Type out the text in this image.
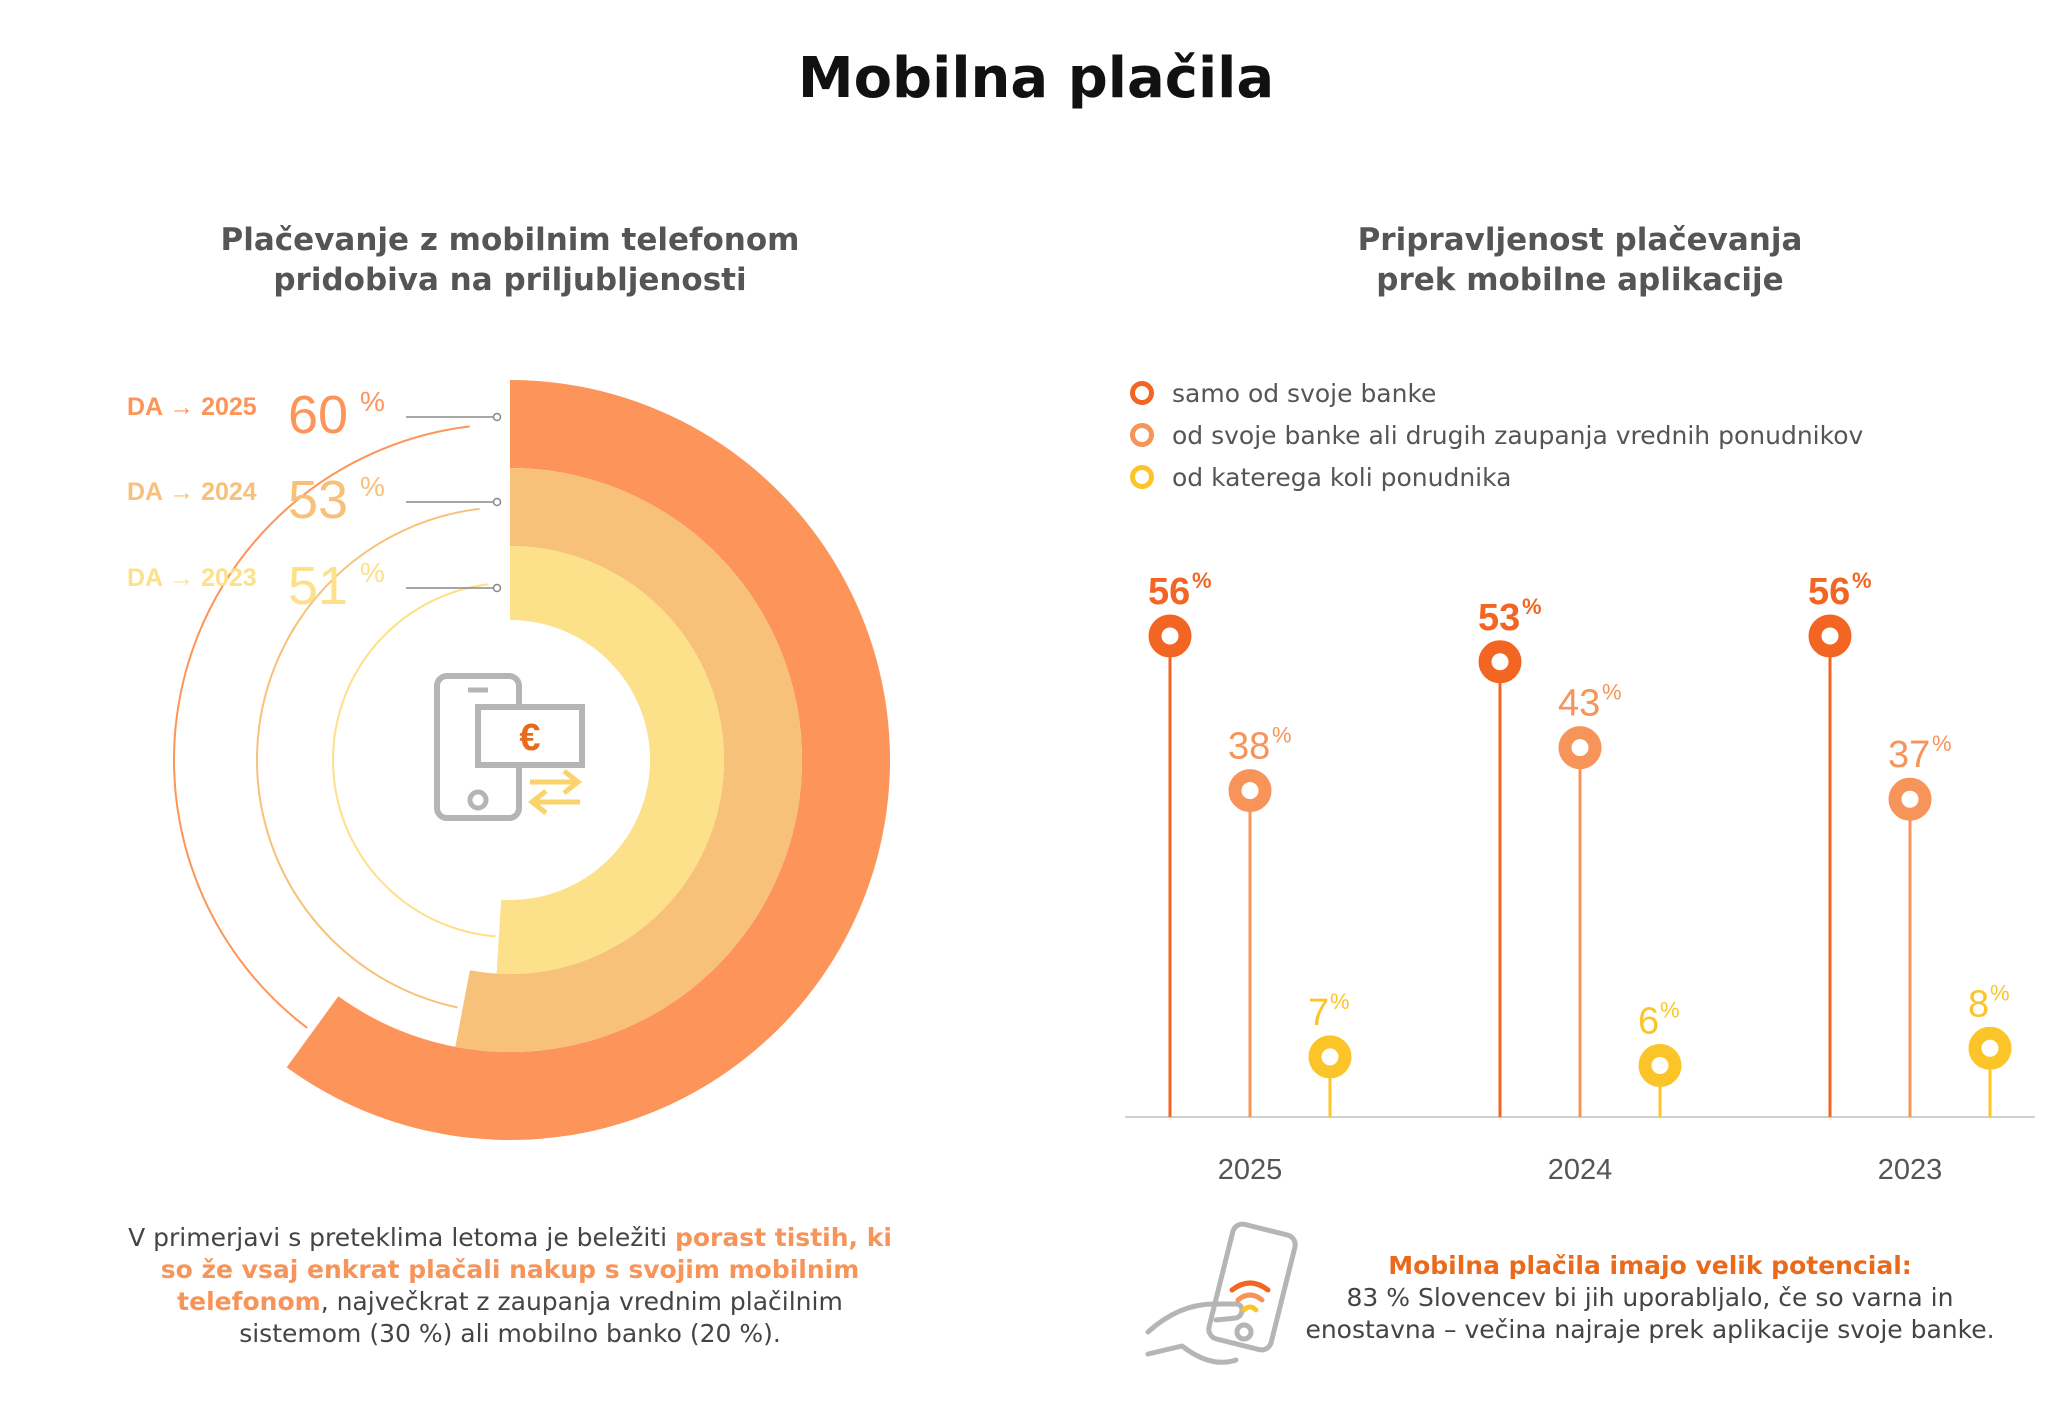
Mobilna plačila
Plačevanje z mobilnim telefonom
pridobiva na priljubljenosti
Pripravljenost plačevanja
prek mobilne aplikacije
DA → 2025 60 %
DA → 2024 53 %
DA → 2023 51 %
€
samo od svoje banke
od svoje banke ali drugih zaupanja vrednih ponudnikov
od katerega koli ponudnika
56 %
38 %
7 %
2025
53 %
43 %
6 %
2024
56 %
37 %
8 %
2023
V primerjavi s preteklima letoma je beležiti porast tistih, ki so že vsaj enkrat plačali nakup s svojim mobilnim telefonom, največkrat z zaupanja vrednim plačilnim sistemom (30 %) ali mobilno banko (20 %).
Mobilna plačila imajo velik potencial:
83 % Slovencev bi jih uporabljalo, če so varna in
enostavna – večina najraje prek aplikacije svoje banke.
